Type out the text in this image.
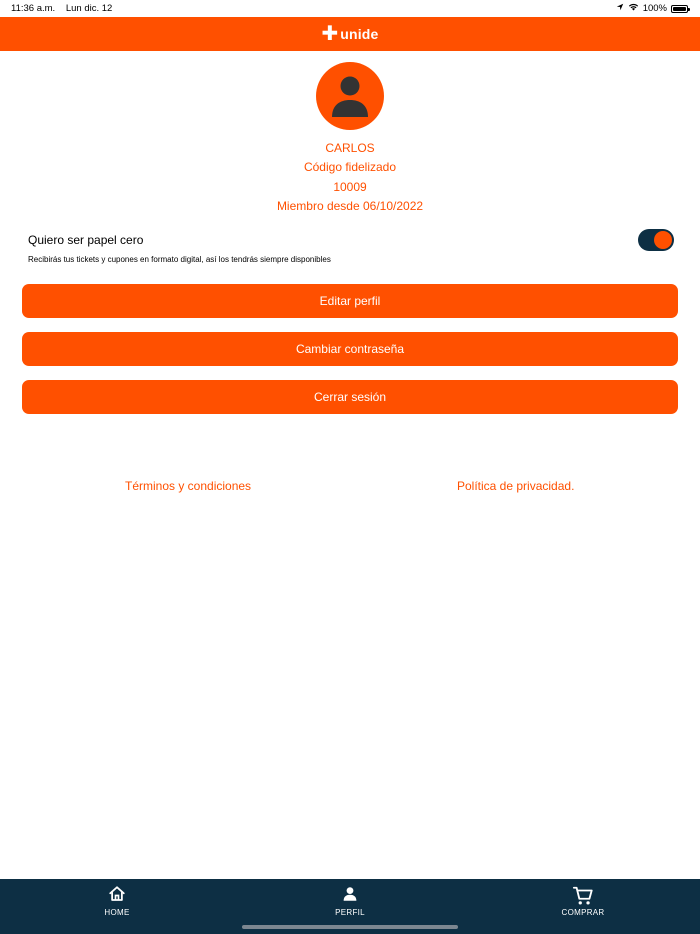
11:36 a.m. Lun dic. 12	100%
✚ unide
CARLOS
Código fidelizado
10009
Miembro desde 06/10/2022
Quiero ser papel cero
Recibirás tus tickets y cupones en formato digital, así los tendrás siempre disponibles
Editar perfil
Cambiar contraseña
Cerrar sesión
Términos y condiciones	Política de privacidad.
HOME	PERFIL	COMPRAR
